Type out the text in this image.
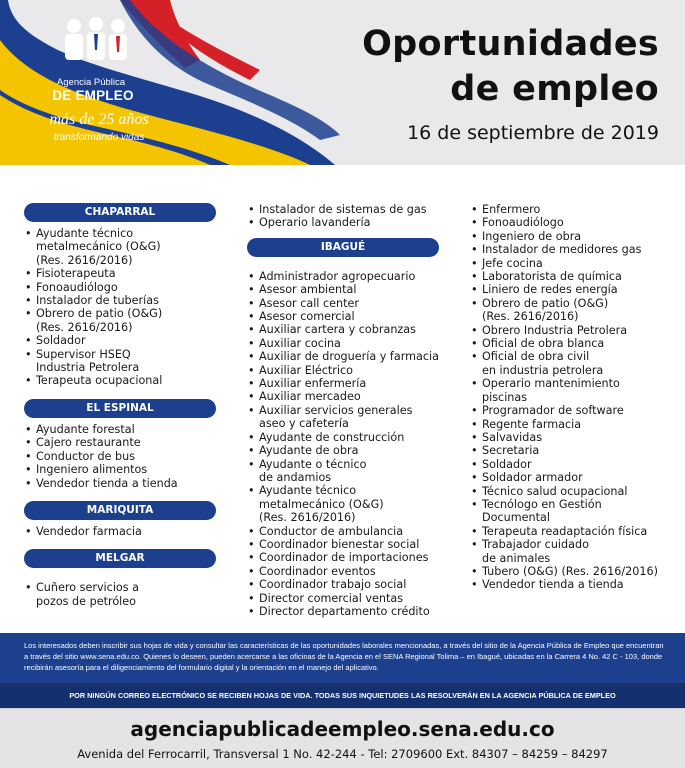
Agencia Pública
DE EMPLEO
más de 25 años
transformando vidas
Oportunidades
de empleo
16 de septiembre de 2019
CHAPARRAL
• Ayudante técnico
metalmecánico (O&G)
(Res. 2616/2016)
• Fisioterapeuta
• Fonoaudiólogo
• Instalador de tuberías
• Obrero de patio (O&G)
(Res. 2616/2016)
• Soldador
• Supervisor HSEQ
Industria Petrolera
• Terapeuta ocupacional
EL ESPINAL
• Ayudante forestal
• Cajero restaurante
• Conductor de bus
• Ingeniero alimentos
• Vendedor tienda a tienda
MARIQUITA
• Vendedor farmacia
MELGAR
• Cuñero servicios a
pozos de petróleo
• Instalador de sistemas de gas
• Operario lavandería
IBAGUÉ
• Administrador agropecuario
• Asesor ambiental
• Asesor call center
• Asesor comercial
• Auxiliar cartera y cobranzas
• Auxiliar cocina
• Auxiliar de droguería y farmacia
• Auxiliar Eléctrico
• Auxiliar enfermería
• Auxiliar mercadeo
• Auxiliar servicios generales
aseo y cafetería
• Ayudante de construcción
• Ayudante de obra
• Ayudante o técnico
de andamios
• Ayudante técnico
metalmecánico (O&G)
(Res. 2616/2016)
• Conductor de ambulancia
• Coordinador bienestar social
• Coordinador de importaciones
• Coordinador eventos
• Coordinador trabajo social
• Director comercial ventas
• Director departamento crédito
• Enfermero
• Fonoaudiólogo
• Ingeniero de obra
• Instalador de medidores gas
• Jefe cocina
• Laboratorista de química
• Liniero de redes energía
• Obrero de patio (O&G)
(Res. 2616/2016)
• Obrero Industria Petrolera
• Oficial de obra blanca
• Oficial de obra civil
en industria petrolera
• Operario mantenimiento
piscinas
• Programador de software
• Regente farmacia
• Salvavidas
• Secretaria
• Soldador
• Soldador armador
• Técnico salud ocupacional
• Tecnólogo en Gestión
Documental
• Terapeuta readaptación física
• Trabajador cuidado
de animales
• Tubero (O&G) (Res. 2616/2016)
• Vendedor tienda a tienda

Los interesados deben inscribir sus hojas de vida y consultar las características de las oportunidades laborales mencionadas, a través del sitio de la Agencia Pública de Empleo que encuentran a través del sitio www.sena.edu.co. Quienes lo deseen, pueden acercarse a las oficinas de la Agencia en el SENA Regional Tolima – en Ibagué, ubicadas en la Carrera 4 No. 42 C - 103, donde recibirán asesoría para el diligenciamiento del formulario digital y la orientación en el manejo del aplicativo.

POR NINGÚN CORREO ELECTRÓNICO SE RECIBEN HOJAS DE VIDA. TODAS SUS INQUIETUDES LAS RESOLVERÁN EN LA AGENCIA PÚBLICA DE EMPLEO

agenciapublicadeempleo.sena.edu.co
Avenida del Ferrocarril, Transversal 1 No. 42-244 - Tel: 2709600 Ext. 84307 – 84259 – 84297
